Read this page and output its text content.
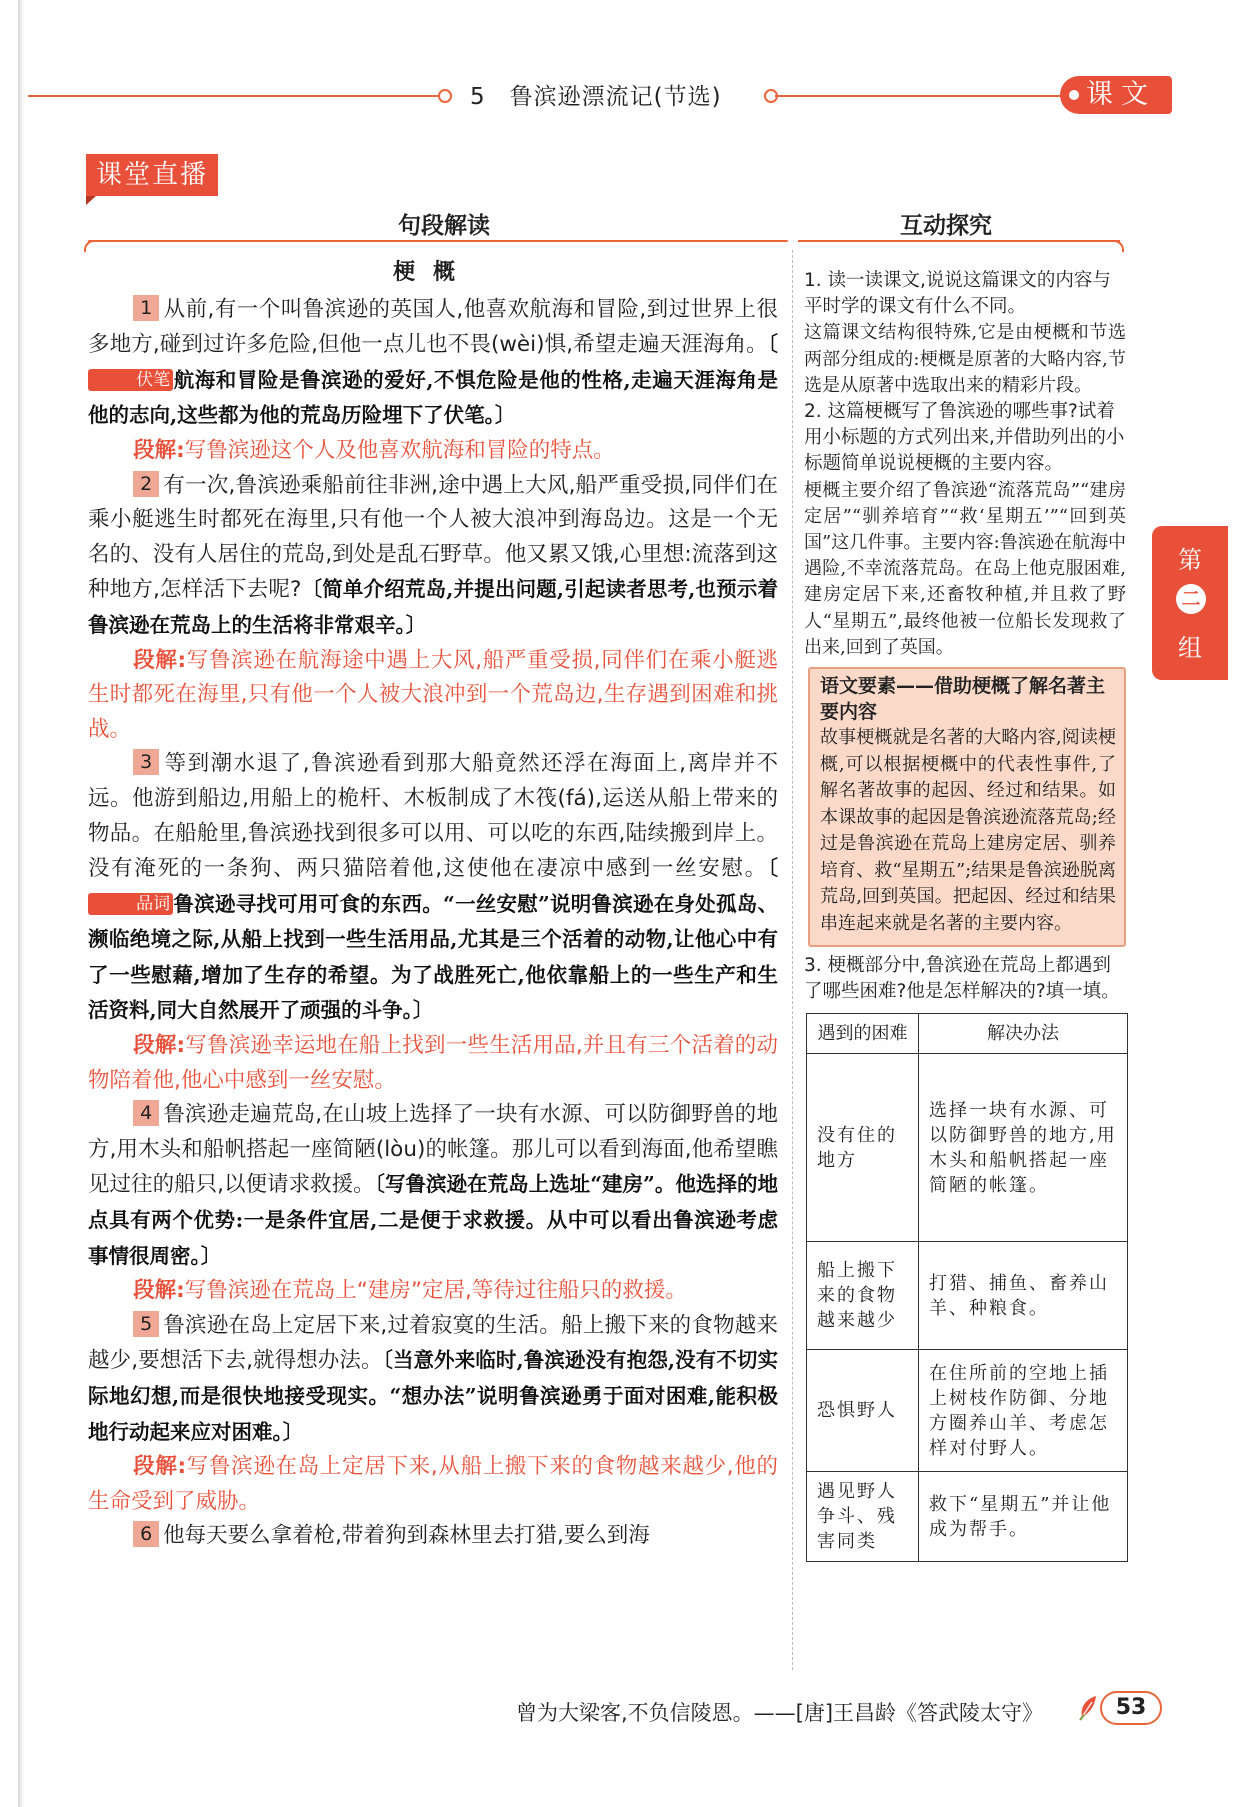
5　鲁滨逊漂流记(节选)	课文
课堂直播
句段解读	互动探究
梗概
1 从前,有一个叫鲁滨逊的英国人,他喜欢航海和冒险,到过世界上很多地方,碰到过许多危险,但他一点儿也不畏(wèi)惧,希望走遍天涯海角。〔伏笔 航海和冒险是鲁滨逊的爱好,不惧危险是他的性格,走遍天涯海角是他的志向,这些都为他的荒岛历险埋下了伏笔。〕
段解:写鲁滨逊这个人及他喜欢航海和冒险的特点。
2 有一次,鲁滨逊乘船前往非洲,途中遇上大风,船严重受损,同伴们在乘小艇逃生时都死在海里,只有他一个人被大浪冲到海岛边。这是一个无名的、没有人居住的荒岛,到处是乱石野草。他又累又饿,心里想:流落到这种地方,怎样活下去呢?〔简单介绍荒岛,并提出问题,引起读者思考,也预示着鲁滨逊在荒岛上的生活将非常艰辛。〕
段解:写鲁滨逊在航海途中遇上大风,船严重受损,同伴们在乘小艇逃生时都死在海里,只有他一个人被大浪冲到一个荒岛边,生存遇到困难和挑战。
3 等到潮水退了,鲁滨逊看到那大船竟然还浮在海面上,离岸并不远。他游到船边,用船上的桅杆、木板制成了木筏(fá),运送从船上带来的物品。在船舱里,鲁滨逊找到很多可以用、可以吃的东西,陆续搬到岸上。没有淹死的一条狗、两只猫陪着他,这使他在凄凉中感到一丝安慰。〔品词 鲁滨逊寻找可用可食的东西。“一丝安慰”说明鲁滨逊在身处孤岛、濒临绝境之际,从船上找到一些生活用品,尤其是三个活着的动物,让他心中有了一些慰藉,增加了生存的希望。为了战胜死亡,他依靠船上的一些生产和生活资料,同大自然展开了顽强的斗争。〕
段解:写鲁滨逊幸运地在船上找到一些生活用品,并且有三个活着的动物陪着他,他心中感到一丝安慰。
4 鲁滨逊走遍荒岛,在山坡上选择了一块有水源、可以防御野兽的地方,用木头和船帆搭起一座简陋(lòu)的帐篷。那儿可以看到海面,他希望瞧见过往的船只,以便请求救援。〔写鲁滨逊在荒岛上选址“建房”。他选择的地点具有两个优势:一是条件宜居,二是便于求救援。从中可以看出鲁滨逊考虑事情很周密。〕
段解:写鲁滨逊在荒岛上“建房”定居,等待过往船只的救援。
5 鲁滨逊在岛上定居下来,过着寂寞的生活。船上搬下来的食物越来越少,要想活下去,就得想办法。〔当意外来临时,鲁滨逊没有抱怨,没有不切实际地幻想,而是很快地接受现实。“想办法”说明鲁滨逊勇于面对困难,能积极地行动起来应对困难。〕
段解:写鲁滨逊在岛上定居下来,从船上搬下来的食物越来越少,他的生命受到了威胁。
6 他每天要么拿着枪,带着狗到森林里去打猎,要么到海
1. 读一读课文,说说这篇课文的内容与平时学的课文有什么不同。
这篇课文结构很特殊,它是由梗概和节选两部分组成的:梗概是原著的大略内容,节选是从原著中选取出来的精彩片段。
2. 这篇梗概写了鲁滨逊的哪些事?试着用小标题的方式列出来,并借助列出的小标题简单说说梗概的主要内容。
梗概主要介绍了鲁滨逊“流落荒岛”“建房定居”“驯养培育”“救‘星期五’”“回到英国”这几件事。主要内容:鲁滨逊在航海中遇险,不幸流落荒岛。在岛上他克服困难,建房定居下来,还畜牧种植,并且救了野人“星期五”,最终他被一位船长发现救了出来,回到了英国。
语文要素——借助梗概了解名著主要内容
故事梗概就是名著的大略内容,阅读梗概,可以根据梗概中的代表性事件,了解名著故事的起因、经过和结果。如本课故事的起因是鲁滨逊流落荒岛;经过是鲁滨逊在荒岛上建房定居、驯养培育、救“星期五”;结果是鲁滨逊脱离荒岛,回到英国。把起因、经过和结果串连起来就是名著的主要内容。
3. 梗概部分中,鲁滨逊在荒岛上都遇到了哪些困难?他是怎样解决的?填一填。
遇到的困难	解决办法
没有住的地方	选择一块有水源、可以防御野兽的地方,用木头和船帆搭起一座简陋的帐篷。
船上搬下来的食物越来越少	打猎、捕鱼、畜养山羊、种粮食。
恐惧野人	在住所前的空地上插上树枝作防御、分地方圈养山羊、考虑怎样对付野人。
遇见野人争斗、残害同类	救下“星期五”并让他成为帮手。
第
二
组
曾为大梁客,不负信陵恩。——[唐]王昌龄《答武陵太守》	53
